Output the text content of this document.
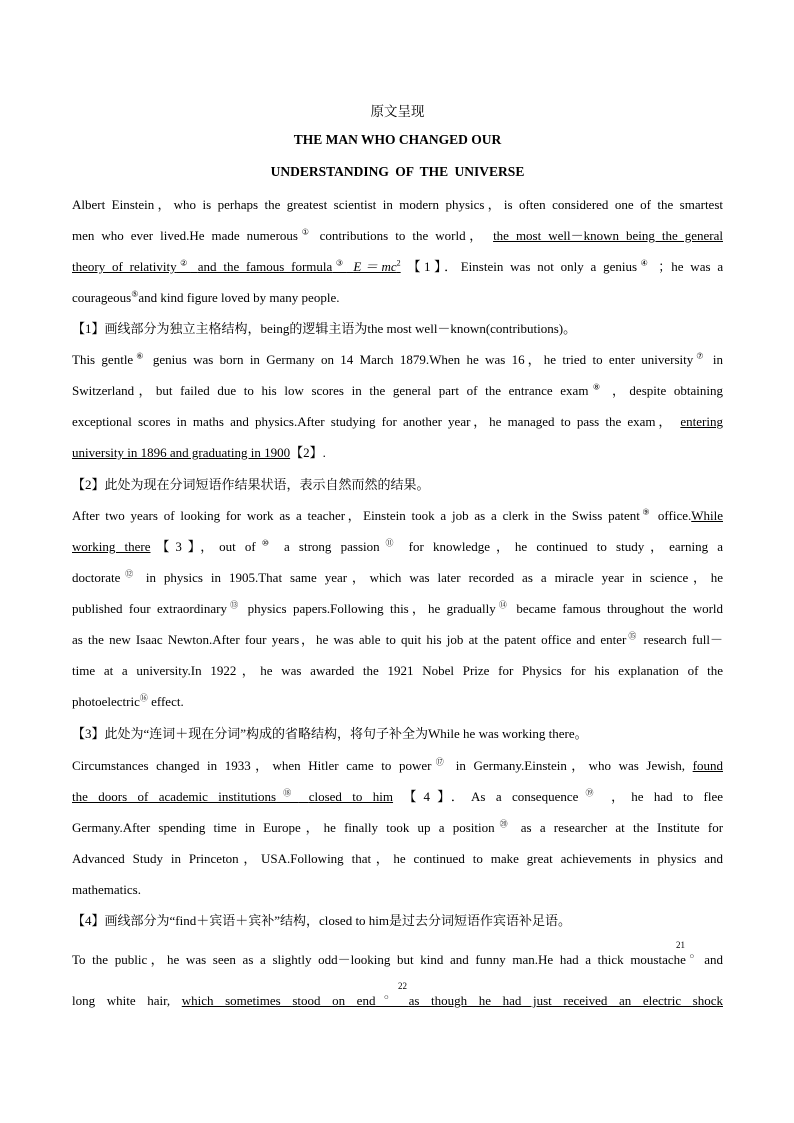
原文呈现
THE MAN WHO CHANGED OUR
UNDERSTANDING OF THE UNIVERSE
Albert Einstein，who is perhaps the greatest scientist in modern physics，is often considered one of the smartest
men who ever lived.He made numerous① contributions to the world， the most well－known being the general
theory of relativity② and the famous formula③ $E=mc^2$ 【1】．Einstein was not only a genius④ ；he was a
courageous⑤and kind figure loved by many people.
【1】画线部分为独立主格结构，being的逻辑主语为the most well－known(contributions)。
This gentle⑥ genius was born in Germany on 14 March 1879.When he was 16，he tried to enter university⑦ in
Switzerland，but failed due to his low scores in the general part of the entrance exam⑧ ，despite obtaining
exceptional scores in maths and physics.After studying for another year，he managed to pass the exam， entering
university in 1896 and graduating in 1900【2】.
【2】此处为现在分词短语作结果状语，表示自然而然的结果。
After two years of looking for work as a teacher，Einstein took a job as a clerk in the Swiss patent⑨ office.While
working there【3】，out of⑩ a strong passion⑪ for knowledge，he continued to study，earning a
doctorate⑫ in physics in 1905.That same year，which was later recorded as a miracle year in science，he
published four extraordinary⑬ physics papers.Following this，he gradually⑭ became famous throughout the world
as the new Isaac Newton.After four years，he was able to quit his job at the patent office and enter⑮ research full－
time at a university.In 1922，he was awarded the 1921 Nobel Prize for Physics for his explanation of the
photoelectric⑯ effect.
【3】此处为“连词＋现在分词”构成的省略结构，将句子补全为While he was working there。
Circumstances changed in 1933，when Hitler came to power⑰ in Germany.Einstein，who was Jewish, found
the doors of academic institutions⑱ closed to him 【4】．As a consequence⑲ ，he had to flee
Germany.After spending time in Europe，he finally took up a position⑳ as a researcher at the Institute for
Advanced Study in Princeton，USA.Following that，he continued to make great achievements in physics and
mathematics.
【4】画线部分为“find＋宾语＋宾补”结构，closed to him是过去分词短语作宾语补足语。
21
To the public，he was seen as a slightly odd－looking but kind and funny man.He had a thick moustache○ and
22
long white hair, which sometimes stood on end○ as though he had just received an electric shock
